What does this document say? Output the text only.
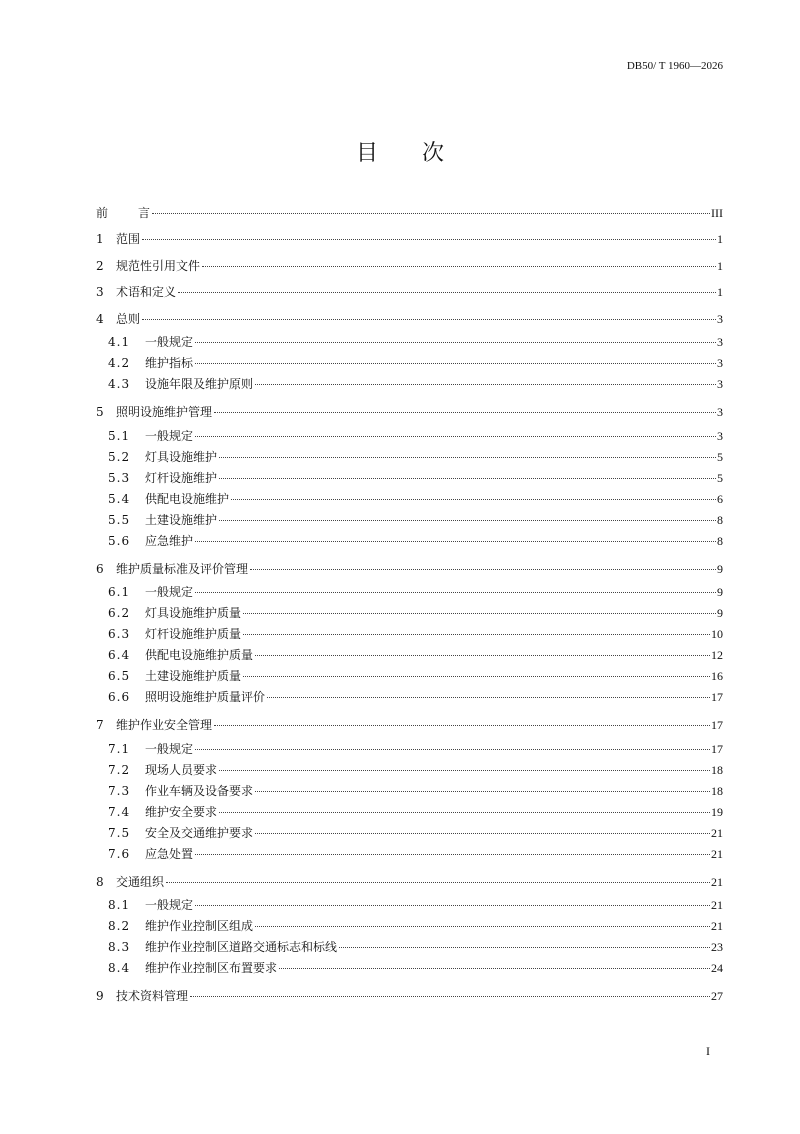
DB50/ T 1960—2026
目 次
前	言	III
1	范围	1
2	规范性引用文件	1
3	术语和定义	1
4	总则	3
4.1	一般规定	3
4.2	维护指标	3
4.3	设施年限及维护原则	3
5	照明设施维护管理	3
5.1	一般规定	3
5.2	灯具设施维护	5
5.3	灯杆设施维护	5
5.4	供配电设施维护	6
5.5	土建设施维护	8
5.6	应急维护	8
6	维护质量标准及评价管理	9
6.1	一般规定	9
6.2	灯具设施维护质量	9
6.3	灯杆设施维护质量	10
6.4	供配电设施维护质量	12
6.5	土建设施维护质量	16
6.6	照明设施维护质量评价	17
7	维护作业安全管理	17
7.1	一般规定	17
7.2	现场人员要求	18
7.3	作业车辆及设备要求	18
7.4	维护安全要求	19
7.5	安全及交通维护要求	21
7.6	应急处置	21
8	交通组织	21
8.1	一般规定	21
8.2	维护作业控制区组成	21
8.3	维护作业控制区道路交通标志和标线	23
8.4	维护作业控制区布置要求	24
9	技术资料管理	27
I
